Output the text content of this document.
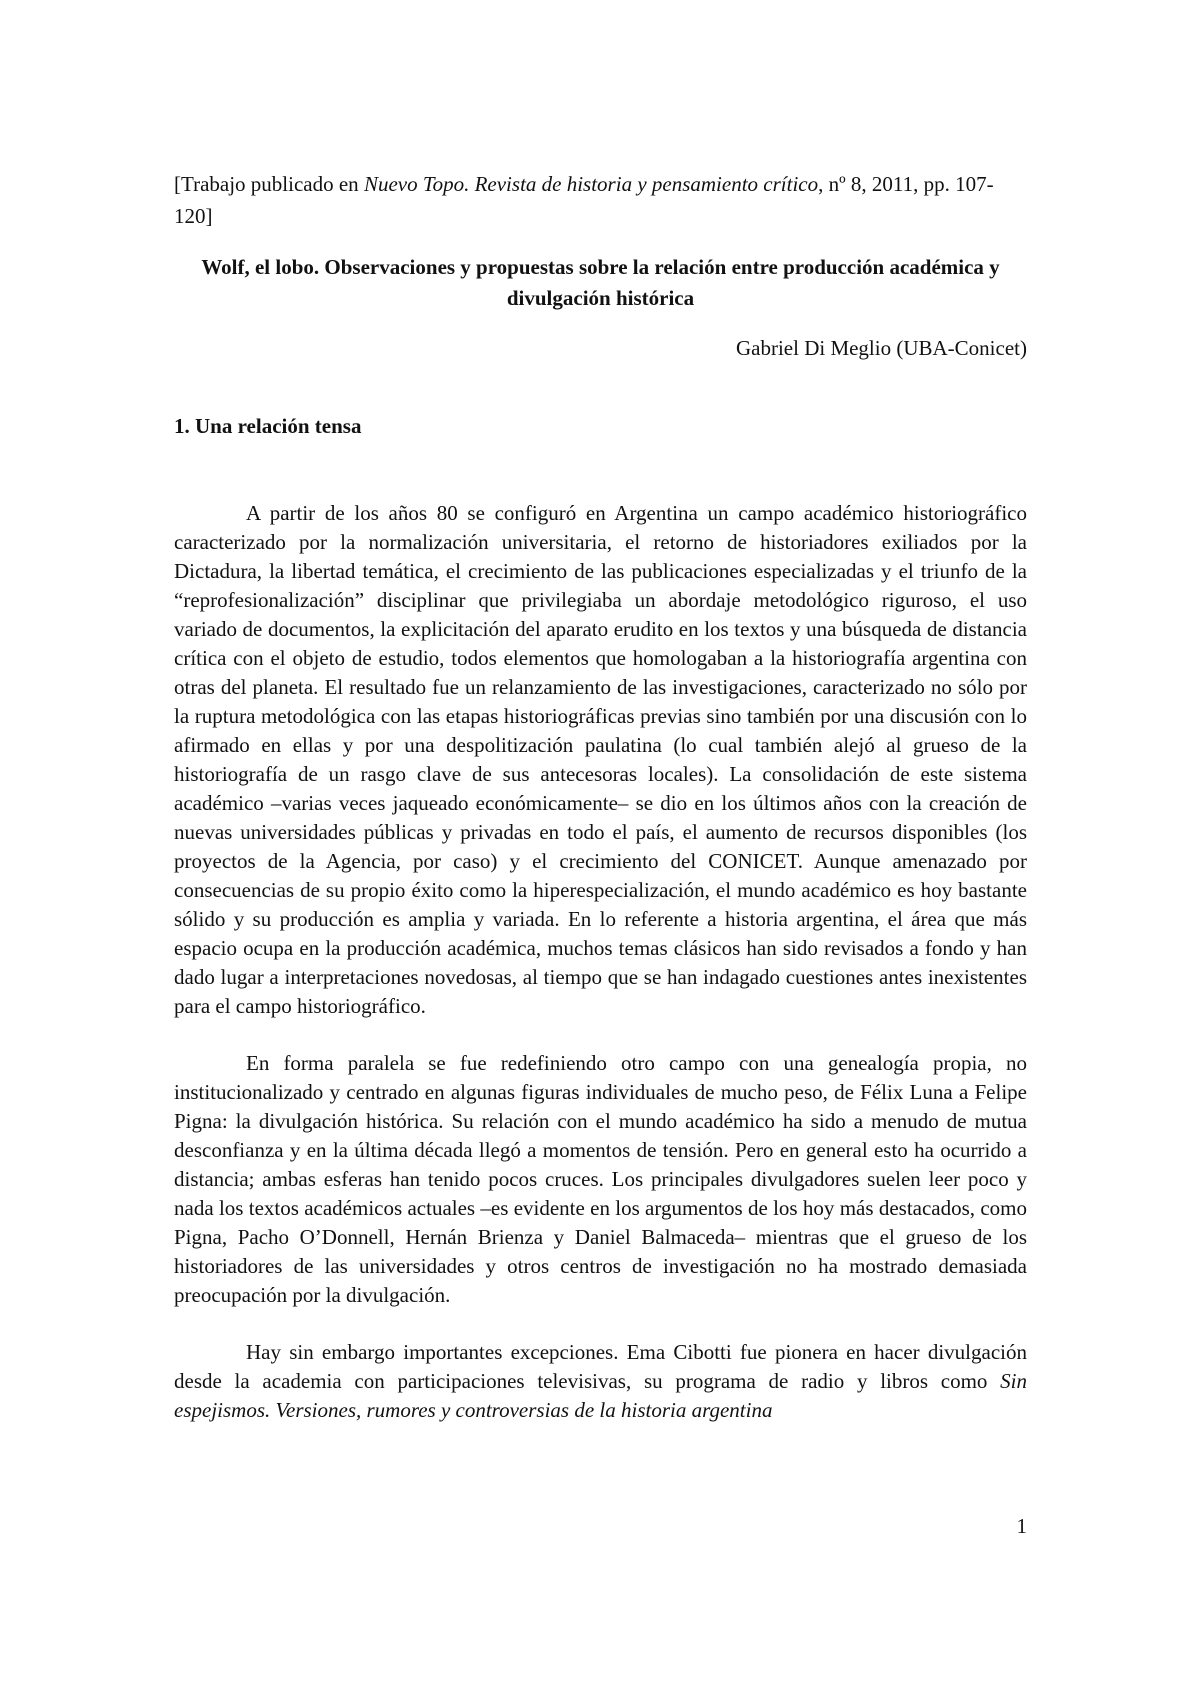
[Trabajo publicado en Nuevo Topo. Revista de historia y pensamiento crítico, nº 8, 2011, pp. 107-120]

Wolf, el lobo. Observaciones y propuestas sobre la relación entre producción académica y divulgación histórica

Gabriel Di Meglio (UBA-Conicet)

1. Una relación tensa

A partir de los años 80 se configuró en Argentina un campo académico historiográfico caracterizado por la normalización universitaria, el retorno de historiadores exiliados por la Dictadura, la libertad temática, el crecimiento de las publicaciones especializadas y el triunfo de la “reprofesionalización” disciplinar que privilegiaba un abordaje metodológico riguroso, el uso variado de documentos, la explicitación del aparato erudito en los textos y una búsqueda de distancia crítica con el objeto de estudio, todos elementos que homologaban a la historiografía argentina con otras del planeta. El resultado fue un relanzamiento de las investigaciones, caracterizado no sólo por la ruptura metodológica con las etapas historiográficas previas sino también por una discusión con lo afirmado en ellas y por una despolitización paulatina (lo cual también alejó al grueso de la historiografía de un rasgo clave de sus antecesoras locales). La consolidación de este sistema académico –varias veces jaqueado económicamente– se dio en los últimos años con la creación de nuevas universidades públicas y privadas en todo el país, el aumento de recursos disponibles (los proyectos de la Agencia, por caso) y el crecimiento del CONICET. Aunque amenazado por consecuencias de su propio éxito como la hiperespecialización, el mundo académico es hoy bastante sólido y su producción es amplia y variada. En lo referente a historia argentina, el área que más espacio ocupa en la producción académica, muchos temas clásicos han sido revisados a fondo y han dado lugar a interpretaciones novedosas, al tiempo que se han indagado cuestiones antes inexistentes para el campo historiográfico.

En forma paralela se fue redefiniendo otro campo con una genealogía propia, no institucionalizado y centrado en algunas figuras individuales de mucho peso, de Félix Luna a Felipe Pigna: la divulgación histórica. Su relación con el mundo académico ha sido a menudo de mutua desconfianza y en la última década llegó a momentos de tensión. Pero en general esto ha ocurrido a distancia; ambas esferas han tenido pocos cruces. Los principales divulgadores suelen leer poco y nada los textos académicos actuales –es evidente en los argumentos de los hoy más destacados, como Pigna, Pacho O’Donnell, Hernán Brienza y Daniel Balmaceda– mientras que el grueso de los historiadores de las universidades y otros centros de investigación no ha mostrado demasiada preocupación por la divulgación.

Hay sin embargo importantes excepciones. Ema Cibotti fue pionera en hacer divulgación desde la academia con participaciones televisivas, su programa de radio y libros como Sin espejismos. Versiones, rumores y controversias de la historia argentina

1
